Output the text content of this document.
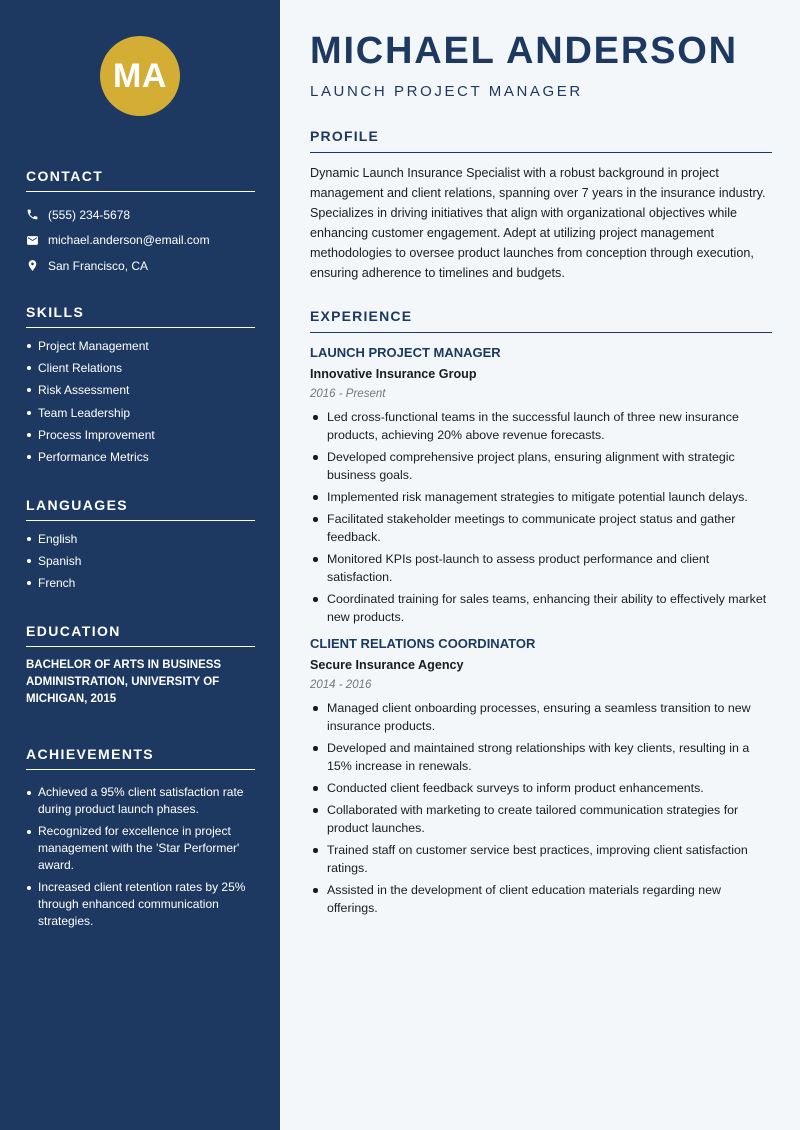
MA
CONTACT
(555) 234-5678
michael.anderson@email.com
San Francisco, CA
SKILLS
Project Management
Client Relations
Risk Assessment
Team Leadership
Process Improvement
Performance Metrics
LANGUAGES
English
Spanish
French
EDUCATION

BACHELOR OF ARTS IN BUSINESS ADMINISTRATION, UNIVERSITY OF MICHIGAN, 2015

ACHIEVEMENTS
Achieved a 95% client satisfaction rate during product launch phases.
Recognized for excellence in project management with the 'Star Performer' award.
Increased client retention rates by 25% through enhanced communication strategies.
MICHAEL ANDERSON
LAUNCH PROJECT MANAGER
PROFILE

Dynamic Launch Insurance Specialist with a robust background in project management and client relations, spanning over 7 years in the insurance industry. Specializes in driving initiatives that align with organizational objectives while enhancing customer engagement. Adept at utilizing project management methodologies to oversee product launches from conception through execution, ensuring adherence to timelines and budgets.

EXPERIENCE
LAUNCH PROJECT MANAGER
Innovative Insurance Group
2016 - Present
Led cross-functional teams in the successful launch of three new insurance products, achieving 20% above revenue forecasts.
Developed comprehensive project plans, ensuring alignment with strategic business goals.
Implemented risk management strategies to mitigate potential launch delays.
Facilitated stakeholder meetings to communicate project status and gather feedback.
Monitored KPIs post-launch to assess product performance and client satisfaction.
Coordinated training for sales teams, enhancing their ability to effectively market new products.
CLIENT RELATIONS COORDINATOR
Secure Insurance Agency
2014 - 2016
Managed client onboarding processes, ensuring a seamless transition to new insurance products.
Developed and maintained strong relationships with key clients, resulting in a 15% increase in renewals.
Conducted client feedback surveys to inform product enhancements.
Collaborated with marketing to create tailored communication strategies for product launches.
Trained staff on customer service best practices, improving client satisfaction ratings.
Assisted in the development of client education materials regarding new offerings.
